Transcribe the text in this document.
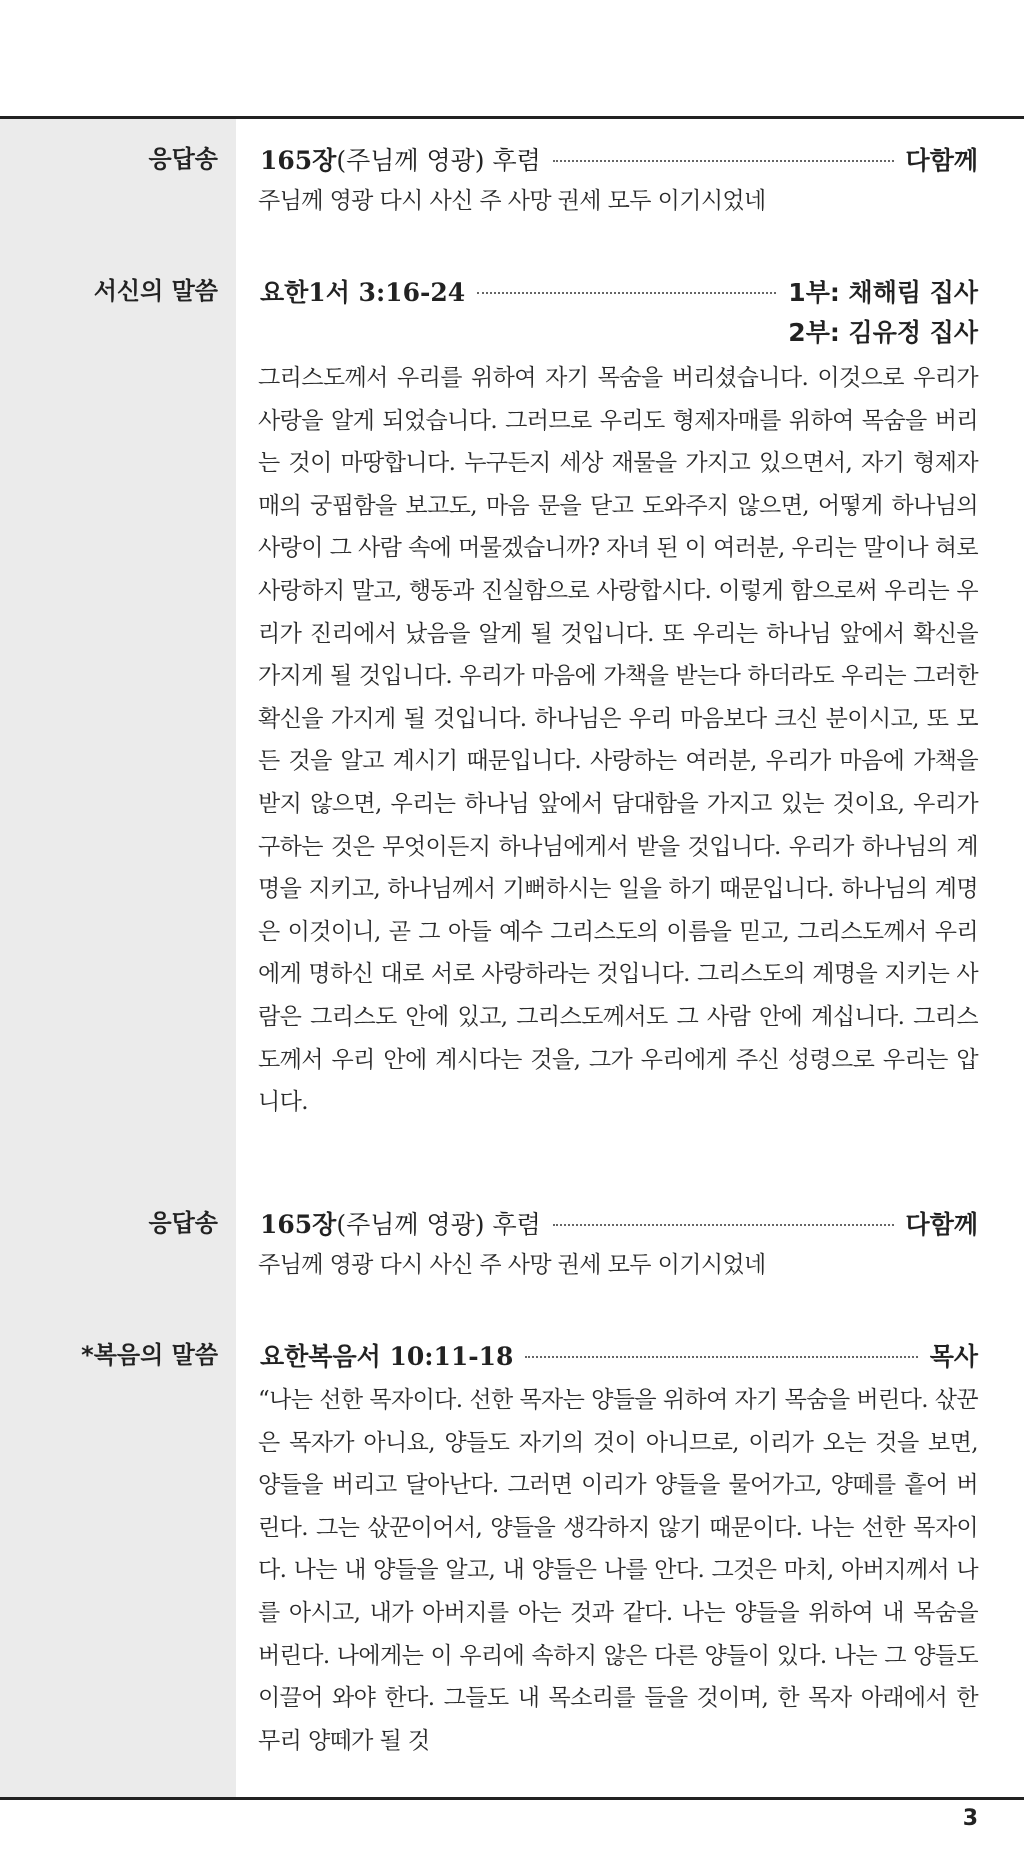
응답송 165장 (주님께 영광) 후렴	다함께

주님께 영광 다시 사신 주 사망 권세 모두 이기시었네

서신의 말씀 요한1서 3:16-24	1부: 채해림 집사
2부: 김유정 집사

그리스도께서 우리를 위하여 자기 목숨을 버리셨습니다. 이것으로 우리가 사랑을 알게 되었습니다. 그러므로 우리도 형제자매를 위하여 목숨을 버리는 것이 마땅합니다. 누구든지 세상 재물을 가지고 있으면서, 자기 형제자매의 궁핍함을 보고도, 마음 문을 닫고 도와주지 않으면, 어떻게 하나님의 사랑이 그 사람 속에 머물겠습니까? 자녀 된 이 여러분, 우리는 말이나 혀로 사랑하지 말고, 행동과 진실함으로 사랑합시다. 이렇게 함으로써 우리는 우리가 진리에서 났음을 알게 될 것입니다. 또 우리는 하나님 앞에서 확신을 가지게 될 것입니다. 우리가 마음에 가책을 받는다 하더라도 우리는 그러한 확신을 가지게 될 것입니다. 하나님은 우리 마음보다 크신 분이시고, 또 모든 것을 알고 계시기 때문입니다. 사랑하는 여러분, 우리가 마음에 가책을 받지 않으면, 우리는 하나님 앞에서 담대함을 가지고 있는 것이요, 우리가 구하는 것은 무엇이든지 하나님에게서 받을 것입니다. 우리가 하나님의 계명을 지키고, 하나님께서 기뻐하시는 일을 하기 때문입니다. 하나님의 계명은 이것이니, 곧 그 아들 예수 그리스도의 이름을 믿고, 그리스도께서 우리에게 명하신 대로 서로 사랑하라는 것입니다. 그리스도의 계명을 지키는 사람은 그리스도 안에 있고, 그리스도께서도 그 사람 안에 계십니다. 그리스도께서 우리 안에 계시다는 것을, 그가 우리에게 주신 성령으로 우리는 압니다.

응답송 165장 (주님께 영광) 후렴	다함께

주님께 영광 다시 사신 주 사망 권세 모두 이기시었네

*복음의 말씀 요한복음서 10:11-18	목사

“나는 선한 목자이다. 선한 목자는 양들을 위하여 자기 목숨을 버린다. 삯꾼은 목자가 아니요, 양들도 자기의 것이 아니므로, 이리가 오는 것을 보면, 양들을 버리고 달아난다. 그러면 이리가 양들을 물어가고, 양떼를 흩어 버린다. 그는 삯꾼이어서, 양들을 생각하지 않기 때문이다. 나는 선한 목자이다. 나는 내 양들을 알고, 내 양들은 나를 안다. 그것은 마치, 아버지께서 나를 아시고, 내가 아버지를 아는 것과 같다. 나는 양들을 위하여 내 목숨을 버린다. 나에게는 이 우리에 속하지 않은 다른 양들이 있다. 나는 그 양들도 이끌어 와야 한다. 그들도 내 목소리를 들을 것이며, 한 목자 아래에서 한 무리 양떼가 될 것

3
